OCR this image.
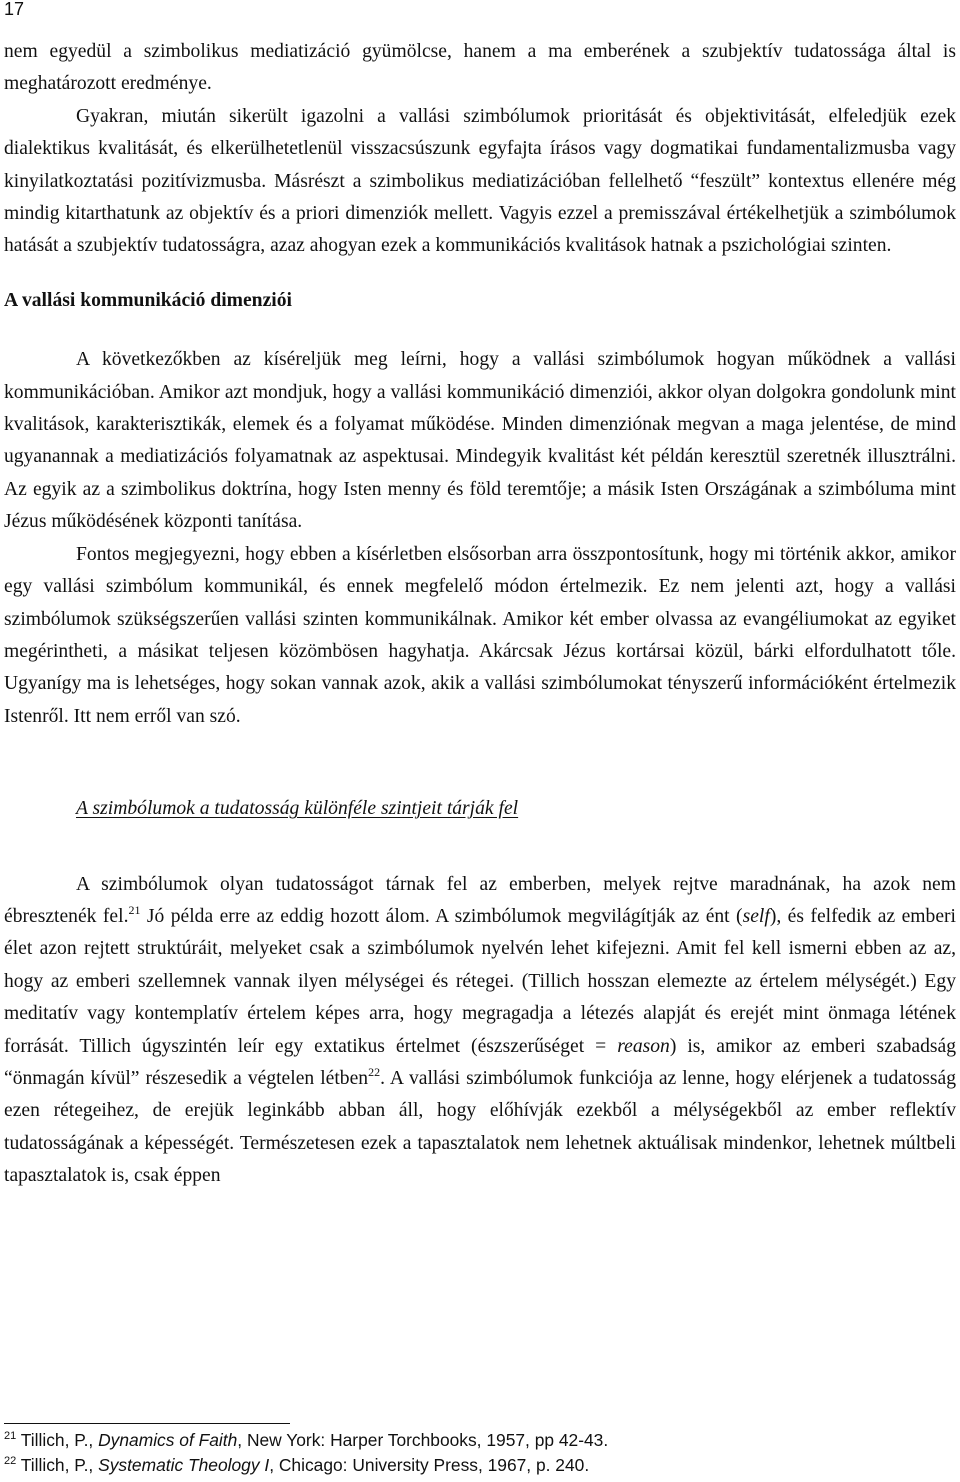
17

nem egyedül a szimbolikus mediatizáció gyümölcse, hanem a ma emberének a szubjektív tudatossága által is meghatározott eredménye.

Gyakran, miután sikerült igazolni a vallási szimbólumok prioritását és objektivitását, elfeledjük ezek dialektikus kvalitását, és elkerülhetetlenül visszacsúszunk egyfajta írásos vagy dogmatikai fundamentalizmusba vagy kinyilatkoztatási pozitívizmusba. Másrészt a szimbolikus mediatizációban fellelhető “feszült” kontextus ellenére még mindig kitarthatunk az objektív és a priori dimenziók mellett. Vagyis ezzel a premisszával értékelhetjük a szimbólumok hatását a szubjektív tudatosságra, azaz ahogyan ezek a kommunikációs kvalitások hatnak a pszichológiai szinten.

A vallási kommunikáció dimenziói

A következőkben az kíséreljük meg leírni, hogy a vallási szimbólumok hogyan működnek a vallási kommunikációban. Amikor azt mondjuk, hogy a vallási kommunikáció dimenziói, akkor olyan dolgokra gondolunk mint kvalitások, karakterisztikák, elemek és a folyamat működése. Minden dimenziónak megvan a maga jelentése, de mind ugyanannak a mediatizációs folyamatnak az aspektusai. Mindegyik kvalitást két példán keresztül szeretnék illusztrálni. Az egyik az a szimbolikus doktrína, hogy Isten menny és föld teremtője; a másik Isten Országának a szimbóluma mint Jézus működésének központi tanítása.

Fontos megjegyezni, hogy ebben a kísérletben elsősorban arra összpontosítunk, hogy mi történik akkor, amikor egy vallási szimbólum kommunikál, és ennek megfelelő módon értelmezik. Ez nem jelenti azt, hogy a vallási szimbólumok szükségszerűen vallási szinten kommunikálnak. Amikor két ember olvassa az evangéliumokat az egyiket megérintheti, a másikat teljesen közömbösen hagyhatja. Akárcsak Jézus kortársai közül, bárki elfordulhatott tőle. Ugyanígy ma is lehetséges, hogy sokan vannak azok, akik a vallási szimbólumokat tényszerű információként értelmezik Istenről. Itt nem erről van szó.

A szimbólumok a tudatosság különféle szintjeit tárják fel

A szimbólumok olyan tudatosságot tárnak fel az emberben, melyek rejtve maradnának, ha azok nem ébresztenék fel.$^{21}$ Jó példa erre az eddig hozott álom. A szimbólumok megvilágítják az ént (self), és felfedik az emberi élet azon rejtett struktúráit, melyeket csak a szimbólumok nyelvén lehet kifejezni. Amit fel kell ismerni ebben az az, hogy az emberi szellemnek vannak ilyen mélységei és rétegei. (Tillich hosszan elemezte az értelem mélységét.) Egy meditatív vagy kontemplatív értelem képes arra, hogy megragadja a létezés alapját és erejét mint önmaga létének forrását. Tillich úgyszintén leír egy extatikus értelmet (észszerűséget = reason) is, amikor az emberi szabadság “önmagán kívül” részesedik a végtelen létben$^{22}$. A vallási szimbólumok funkciója az lenne, hogy elérjenek a tudatosság ezen rétegeihez, de erejük leginkább abban áll, hogy előhívják ezekből a mélységekből az ember reflektív tudatosságának a képességét. Természetesen ezek a tapasztalatok nem lehetnek aktuálisak mindenkor, lehetnek múltbeli tapasztalatok is, csak éppen

$^{21}$ Tillich, P., Dynamics of Faith, New York: Harper Torchbooks, 1957, pp 42-43.

$^{22}$ Tillich, P., Systematic Theology I, Chicago: University Press, 1967, p. 240.
